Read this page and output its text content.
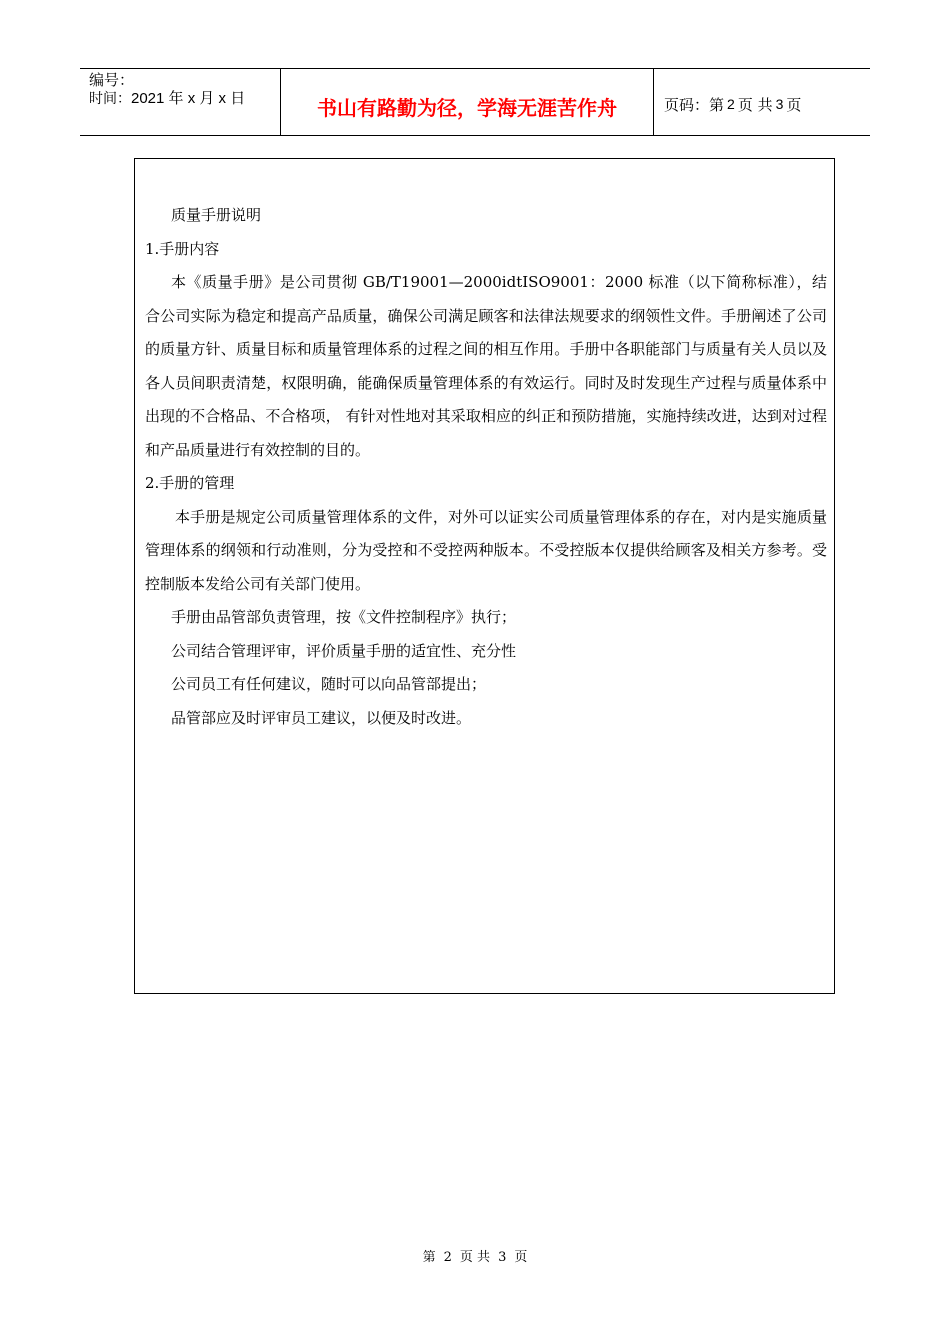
编号：
时间：2021 年 x 月 x 日	书山有路勤为径，学海无涯苦作舟	页码：第 2 页 共 3 页

质量手册说明

1.手册内容

本《质量手册》是公司贯彻 GB/T19001—2000idtISO9001：2000 标准（以下简称标准），结合公司实际为稳定和提高产品质量，确保公司满足顾客和法律法规要求的纲领性文件。手册阐述了公司的质量方针、质量目标和质量管理体系的过程之间的相互作用。手册中各职能部门与质量有关人员以及各人员间职责清楚，权限明确，能确保质量管理体系的有效运行。同时及时发现生产过程与质量体系中出现的不合格品、不合格项， 有针对性地对其采取相应的纠正和预防措施，实施持续改进，达到对过程和产品质量进行有效控制的目的。

2.手册的管理

本手册是规定公司质量管理体系的文件，对外可以证实公司质量管理体系的存在，对内是实施质量管理体系的纲领和行动准则，分为受控和不受控两种版本。不受控版本仅提供给顾客及相关方参考。受控制版本发给公司有关部门使用。

手册由品管部负责管理，按《文件控制程序》执行；

公司结合管理评审，评价质量手册的适宜性、充分性

公司员工有任何建议，随时可以向品管部提出；

品管部应及时评审员工建议，以便及时改进。

第 2 页 共 3 页
